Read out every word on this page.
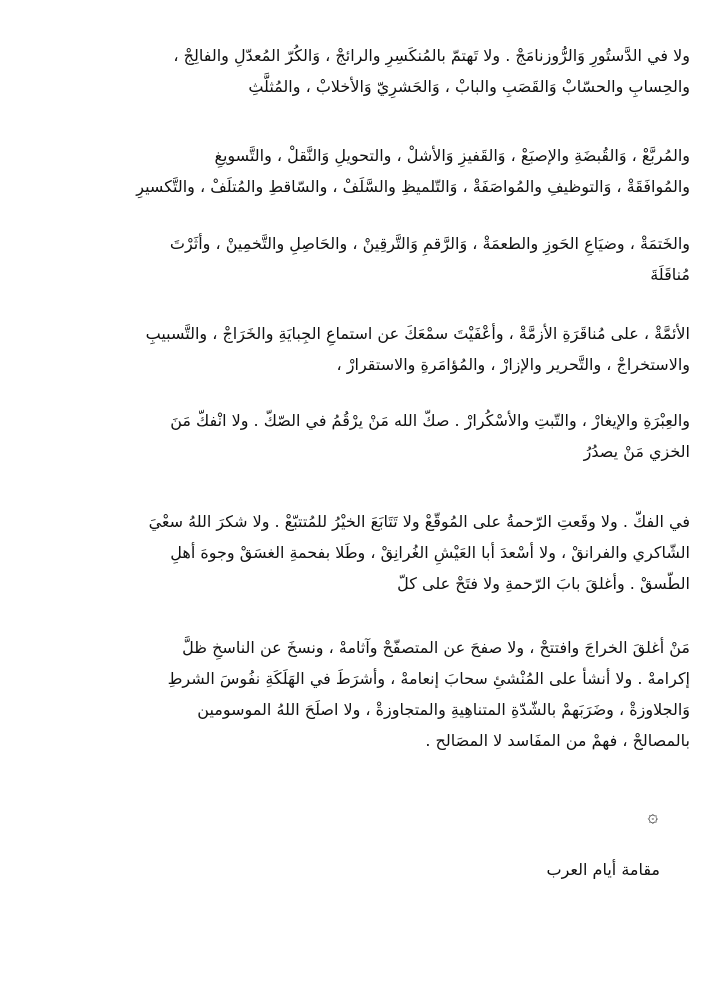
ولا في الدَّستُورِ وَالرُّوزنامَجْ . ولا تَهتمّ بالمُنكَسِرِ والرائجْ ، وَالكُرّ المُعدّلِ والفالِجْ ،
والحِسابِ والحسّابْ وَالقَصَبِ والبابْ ، وَالحَشرِيّ وَالأخلابْ ، والمُثلَّثِ
والمُربَّعْ ، وَالقُبضَةِ والإصبَعْ ، وَالقَفيزِ وَالأشلْ ، والتحويلِ وَالنَّقلْ ، والتَّسويغِ
والمُوافَقَةْ ، وَالتوظيفِ والمُواصَفَةْ ، وَالتّلميظِ والسَّلَفْ ، والسّاقطِ والمُتلَفْ ، والتَّكسيرِ
والخَتمَةْ ، وضيَاعِ الحَوزِ والطعمَةْ ، وَالرَّقمِ وَالتَّرقِينْ ، والحَاصِلِ والتَّخمِينْ ، وأثَرْتَ
مُناقَلَةَ
الأئمَّةْ ، على مُناقَرَةِ الأزمَّةْ ، وأعْفَيْتَ سمْعَكَ عن استماعِ الجِبايَةِ والخَرَاجْ ، والتَّسبيبِ
والاستخراجْ ، والتَّحرير والإزارْ ، والمُؤامَرةِ والاستقرارْ ،
والعِبْرَةِ والإيغارْ ، والتّبتِ والأسْكُرارْ . صكّ الله مَنْ يرْقُمُ في الصّكّ . ولا انْفكّ مَنَ
الخزي مَنْ يصدُرُ
في الفكّ . ولا وقَعتِ الرّحمةُ على المُوقّعْ ولا تَتَابَعَ الخيْرُ للمُتتبّعْ . ولا شكرَ اللهُ سعْيَ
الشّاكري والفرانقْ ، ولا أسْعدَ أبا العَيْشِ الغُرانِقْ ، وطَلا بفحمةِ الغسَقْ وجوهَ أهلِ
الطّسقْ . وأغلقَ بابَ الرّحمةِ ولا فتَحْ على كلّ
مَنْ أغلقَ الخراجَ وافتتحْ ، ولا صفحَ عن المتصفّحْ وآثامهْ ، ونسخَ عن الناسخِ ظلَّ
إكرامهْ . ولا أنشأ على المُنْشئِ سحابَ إنعامهْ ، وأشرَطَ في الهَلَكَةِ نفُوسَ الشرطِ
وَالجلاوزةْ ، وضَرَبَهمْ بالشّدّةِ المتناهِيةِ والمتجاوزةْ ، ولا اصلَحَ اللهُ الموسومين
بالمصالحْ ، فهمْ من المفَاسد لا المصَالح .
۞
مقامة أيام العرب
